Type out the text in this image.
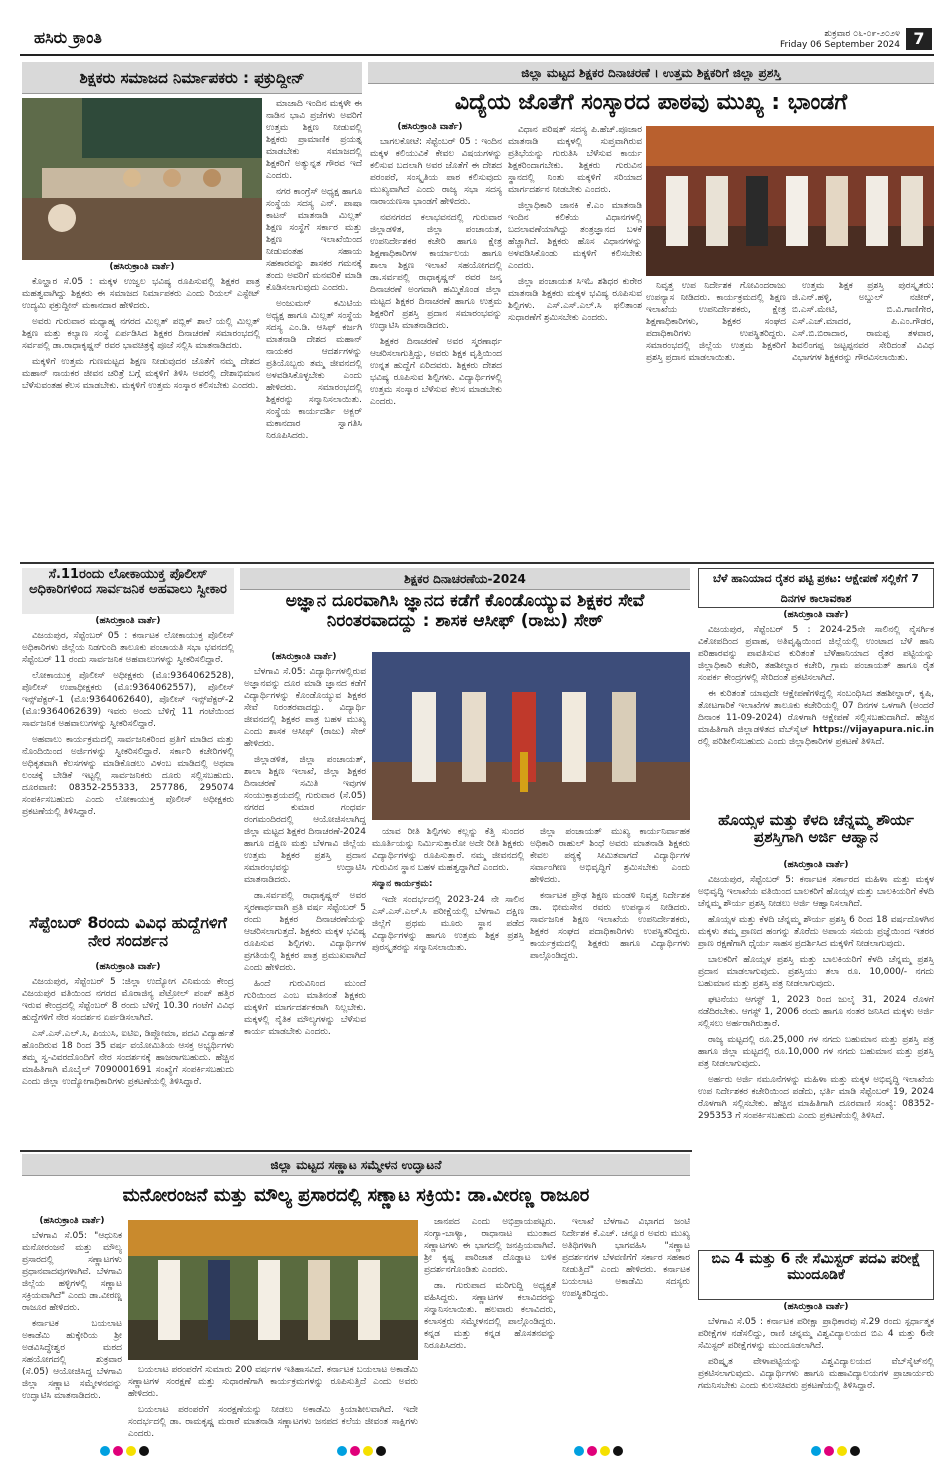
ಹಸಿರು ಕ್ರಾಂತಿ	ಶುಕ್ರವಾರ ೦೬-೦೯-೨೦೨೪
Friday 06 September 2024 7
ಶಿಕ್ಷಕರು ಸಮಾಜದ ನಿರ್ಮಾಪಕರು : ಫಕ್ರುದ್ದೀನ್
(ಹಸಿರುಕ್ರಾಂತಿ ವಾರ್ತೆ)

ಕೊಲ್ಹಾರ ಸೆ.05 : ಮಕ್ಕಳ ಉಜ್ವಲ ಭವಿಷ್ಯ ರೂಪಿಸುವಲ್ಲಿ ಶಿಕ್ಷಕರ ಪಾತ್ರ ಮಹತ್ವವಾಗಿದ್ದು ಶಿಕ್ಷಕರು ಈ ಸಮಾಜದ ನಿರ್ಮಾಪಕರು ಎಂದು ರಿಯಲ್ ಎಸ್ಟೇಟ್ ಉದ್ಯಮಿ ಫಕ್ರುದ್ದೀನ್ ಮಕಾನದಾರ ಹೇಳಿದರು.

ಅವರು ಗುರುವಾರ ಮಧ್ಯಾಹ್ನ ನಗರದ ಮಿಲ್ಲತ್ ಪಬ್ಲಿಕ್ ಶಾಲೆ ಯಲ್ಲಿ ಮಿಲ್ಲತ್ ಶಿಕ್ಷಣ ಮತ್ತು ಕಲ್ಯಾಣ ಸಂಸ್ಥೆ ಏರ್ಪಡಿಸಿದ ಶಿಕ್ಷಕರ ದಿನಾಚರಣೆ ಸಮಾರಂಭದಲ್ಲಿ ಸರ್ವಪಲ್ಲಿ ಡಾ.ರಾಧಾಕೃಷ್ಣನ್ ರವರ ಭಾವಚಿತ್ರಕ್ಕೆ ಪೂಜೆ ಸಲ್ಲಿಸಿ ಮಾತನಾಡಿದರು.

ಮಕ್ಕಳಿಗೆ ಉತ್ತಮ ಗುಣಮಟ್ಟದ ಶಿಕ್ಷಣ ನೀಡುವುದರ ಜೊತೆಗೆ ನಮ್ಮ ದೇಶದ ಮಹಾನ್ ನಾಯಕರ ಜೀವನ ಚರಿತ್ರೆ ಬಗ್ಗೆ ಮಕ್ಕಳಿಗೆ ತಿಳಿಸಿ ಅವರಲ್ಲಿ ದೇಶಾಭಿಮಾನ ಬೆಳೆಸುವಂತಹ ಕೆಲಸ ಮಾಡಬೇಕು. ಮಕ್ಕಳಿಗೆ ಉತ್ತಮ ಸಂಸ್ಕಾರ ಕಲಿಸಬೇಕು ಎಂದರು.

ಮಾಜಾದಿ ಇಂದಿನ ಮಕ್ಕಳೇ ಈ ನಾಡಿನ ಭಾವಿ ಪ್ರಜೆಗಳು ಅವರಿಗೆ ಉತ್ತಮ ಶಿಕ್ಷಣ ನೀಡುವಲ್ಲಿ ಶಿಕ್ಷಕರು ಪ್ರಾಮಾಣಿಕ ಪ್ರಯತ್ನ ಮಾಡಬೇಕು ಸಮಾಜದಲ್ಲಿ ಶಿಕ್ಷಕರಿಗೆ ಅತ್ಯುನ್ನತ ಗೌರವ ಇದೆ ಎಂದರು.

ನಗರ ಕಾಂಗ್ರೆಸ್ ಅಧ್ಯಕ್ಷ ಹಾಗೂ ಸಂಸ್ಥೆಯ ಸದಸ್ಯ ಎನ್. ಪಾಷಾ ಕಾಟನ್ ಮಾತನಾಡಿ ಮಿಲ್ಲತ್ ಶಿಕ್ಷಣ ಸಂಸ್ಥೆಗೆ ಸರ್ಕಾರ ಮತ್ತು ಶಿಕ್ಷಣ ಇಲಾಖೆಯಿಂದ ನೀಡುವಂತಹ ಸಹಾಯ ಸಹಕಾರವನ್ನು ಶಾಸಕರ ಗಮನಕ್ಕೆ ತಂದು ಅವರಿಗೆ ಮನವರಿಕೆ ಮಾಡಿ ಕೊಡಿಸಲಾಗುವುದು ಎಂದರು.

ಅಂಜುಮನ್ ಕಮಿಟಿಯ ಅಧ್ಯಕ್ಷ ಹಾಗೂ ಮಿಲ್ಲತ್ ಸಂಸ್ಥೆಯ ಸದಸ್ಯ ಎಂ.ಡಿ. ಆಸಿಫ್ ಕರ್ಜಗಿ ಮಾತನಾಡಿ ದೇಶದ ಮಹಾನ್ ನಾಯಕರ ಆದರ್ಶಗಳನ್ನು ಪ್ರತಿಯೊಬ್ಬರು ತಮ್ಮ ಜೀವನದಲ್ಲಿ ಅಳವಡಿಸಿಕೊಳ್ಳಬೇಕು ಎಂದು ಹೇಳಿದರು. ಸಮಾರಂಭದಲ್ಲಿ ಶಿಕ್ಷಕರನ್ನು ಸನ್ಮಾನಿಸಲಾಯಿತು. ಸಂಸ್ಥೆಯ ಕಾರ್ಯದರ್ಶಿ ಅಕ್ಬರ್ ಮಕಾನದಾರ ಸ್ವಾಗತಿಸಿ ನಿರೂಪಿಸಿದರು.

ಜಿಲ್ಲಾ ಮಟ್ಟದ ಶಿಕ್ಷಕರ ದಿನಾಚರಣೆ । ಉತ್ತಮ ಶಿಕ್ಷಕರಿಗೆ ಜಿಲ್ಲಾ ಪ್ರಶಸ್ತಿ
ವಿದ್ಯೆಯ ಜೊತೆಗೆ ಸಂಸ್ಕಾರದ ಪಾಠವು ಮುಖ್ಯ : ಭಾಂಡಗೆ
(ಹಸಿರುಕ್ರಾಂತಿ ವಾರ್ತೆ)

ಬಾಗಲಕೋಟೆ: ಸೆಪ್ಟೆಂಬರ್ 05 : ಇಂದಿನ ಮಕ್ಕಳ ಕಲಿಯುವಿಕೆ ಕೇವಲ ವಿಷಯಗಳನ್ನು ಕಲಿಸುವ ಬದಲಾಗಿ ಅವರ ಜೊತೆಗೆ ಈ ದೇಶದ ಪರಂಪರೆ, ಸಂಸ್ಕೃತಿಯ ಪಾಠ ಕಲಿಸುವುದು ಮುಖ್ಯವಾಗಿದೆ ಎಂದು ರಾಜ್ಯ ಸಭಾ ಸದಸ್ಯ ನಾರಾಯಣಸಾ ಭಾಂಡಗೆ ಹೇಳಿದರು.

ನವನಗರದ ಕಲಾಭವನದಲ್ಲಿ ಗುರುವಾರ ಜಿಲ್ಲಾಡಳಿತ, ಜಿಲ್ಲಾ ಪಂಚಾಯತ, ಉಪನಿರ್ದೇಶಕರ ಕಚೇರಿ ಹಾಗೂ ಕ್ಷೇತ್ರ ಶಿಕ್ಷಣಾಧಿಕಾರಿಗಳ ಕಾರ್ಯಾಲಯ ಹಾಗೂ ಶಾಲಾ ಶಿಕ್ಷಣ ಇಲಾಖೆ ಸಹಯೋಗದಲ್ಲಿ ಡಾ.ಸರ್ವಪಲ್ಲಿ ರಾಧಾಕೃಷ್ಣನ್ ರವರ ಜನ್ಮ ದಿನಾಚರಣೆ ಅಂಗವಾಗಿ ಹಮ್ಮಿಕೊಂಡ ಜಿಲ್ಲಾ ಮಟ್ಟದ ಶಿಕ್ಷಕರ ದಿನಾಚರಣೆ ಹಾಗೂ ಉತ್ತಮ ಶಿಕ್ಷಕರಿಗೆ ಪ್ರಶಸ್ತಿ ಪ್ರದಾನ ಸಮಾರಂಭವನ್ನು ಉದ್ಘಾಟಿಸಿ ಮಾತನಾಡಿದರು.

ಶಿಕ್ಷಕರ ದಿನಾಚರಣೆ ಅವರ ಸ್ಮರಣಾರ್ಥ ಆಚರಿಸಲಾಗುತ್ತಿದ್ದು, ಅವರು ಶಿಕ್ಷಕ ವೃತ್ತಿಯಿಂದ ಉನ್ನತ ಹುದ್ದೆಗೆ ಏರಿದವರು. ಶಿಕ್ಷಕರು ದೇಶದ ಭವಿಷ್ಯ ರೂಪಿಸುವ ಶಿಲ್ಪಿಗಳು. ವಿದ್ಯಾರ್ಥಿಗಳಲ್ಲಿ ಉತ್ತಮ ಸಂಸ್ಕಾರ ಬೆಳೆಸುವ ಕೆಲಸ ಮಾಡಬೇಕು ಎಂದರು.

ವಿಧಾನ ಪರಿಷತ್ ಸದಸ್ಯ ಪಿ.ಹೆಚ್.ಪೂಜಾರ ಮಾತನಾಡಿ ಮಕ್ಕಳಲ್ಲಿ ಸುಪ್ತವಾಗಿರುವ ಪ್ರತಿಭೆಯನ್ನು ಗುರುತಿಸಿ ಬೆಳೆಸುವ ಕಾರ್ಯ ಶಿಕ್ಷಕರಿಂದಾಗಬೇಕು. ಶಿಕ್ಷಕರು ಗುರುವಿನ ಸ್ಥಾನದಲ್ಲಿ ನಿಂತು ಮಕ್ಕಳಿಗೆ ಸರಿಯಾದ ಮಾರ್ಗದರ್ಶನ ನೀಡಬೇಕು ಎಂದರು.

ಜಿಲ್ಲಾಧಿಕಾರಿ ಜಾನಕಿ ಕೆ.ಎಂ ಮಾತನಾಡಿ ಇಂದಿನ ಕಲಿಕೆಯ ವಿಧಾನಗಳಲ್ಲಿ ಬದಲಾವಣೆಯಾಗಿದ್ದು ತಂತ್ರಜ್ಞಾನದ ಬಳಕೆ ಹೆಚ್ಚಾಗಿದೆ. ಶಿಕ್ಷಕರು ಹೊಸ ವಿಧಾನಗಳನ್ನು ಅಳವಡಿಸಿಕೊಂಡು ಮಕ್ಕಳಿಗೆ ಕಲಿಸಬೇಕು ಎಂದರು.

ಜಿಲ್ಲಾ ಪಂಚಾಯತ ಸಿಇಓ ಶಶಿಧರ ಕುರೇರ ಮಾತನಾಡಿ ಶಿಕ್ಷಕರು ಮಕ್ಕಳ ಭವಿಷ್ಯ ರೂಪಿಸುವ ಶಿಲ್ಪಿಗಳು. ಎಸ್.ಎಸ್.ಎಲ್.ಸಿ ಫಲಿತಾಂಶ ಸುಧಾರಣೆಗೆ ಶ್ರಮಿಸಬೇಕು ಎಂದರು.

ನಿವೃತ್ತ ಉಪ ನಿರ್ದೇಶಕ ಗೋವಿಂದರಾಜು ಉಪನ್ಯಾಸ ನೀಡಿದರು. ಕಾರ್ಯಕ್ರಮದಲ್ಲಿ ಶಿಕ್ಷಣ ಇಲಾಖೆಯ ಉಪನಿರ್ದೇಶಕರು, ಕ್ಷೇತ್ರ ಶಿಕ್ಷಣಾಧಿಕಾರಿಗಳು, ಶಿಕ್ಷಕರ ಸಂಘದ ಪದಾಧಿಕಾರಿಗಳು ಉಪಸ್ಥಿತರಿದ್ದರು. ಸಮಾರಂಭದಲ್ಲಿ ಜಿಲ್ಲೆಯ ಉತ್ತಮ ಶಿಕ್ಷಕರಿಗೆ ಪ್ರಶಸ್ತಿ ಪ್ರದಾನ ಮಾಡಲಾಯಿತು.

ಉತ್ತಮ ಶಿಕ್ಷಕ ಪ್ರಶಸ್ತಿ ಪುರಸ್ಕೃತರು: ಜಿ.ಎನ್.ಹಳ್ಳಿ, ಅಬ್ದುಲ್ ನಜೀರ್, ಬಿ.ಎಸ್.ಮೇಟಿ, ಬಿ.ವಿ.ಗಾಣಿಗೇರ, ಎಸ್.ಎಚ್.ಮಾದರ, ಪಿ.ಎಂ.ಗೌಡರ, ಎಸ್.ಬಿ.ಬಿರಾದಾರ, ರಾಮಪ್ಪ ತಳವಾರ, ಶಿವಲಿಂಗಪ್ಪ ಜಟ್ಟಪ್ಪನವರ ಸೇರಿದಂತೆ ವಿವಿಧ ವಿಭಾಗಗಳ ಶಿಕ್ಷಕರನ್ನು ಗೌರವಿಸಲಾಯಿತು.

ಸೆ.11ರಂದು ಲೋಕಾಯುಕ್ತ ಪೊಲೀಸ್ ಅಧಿಕಾರಿಗಳಿಂದ ಸಾರ್ವಜನಿಕ ಅಹವಾಲು ಸ್ವೀಕಾರ
(ಹಸಿರುಕ್ರಾಂತಿ ವಾರ್ತೆ)

ವಿಜಯಪುರ, ಸೆಪ್ಟೆಂಬರ್ 05 : ಕರ್ನಾಟಕ ಲೋಕಾಯುಕ್ತ ಪೊಲೀಸ್ ಅಧಿಕಾರಿಗಳು ಜಿಲ್ಲೆಯ ನಿಡಗುಂದಿ ತಾಲೂಕು ಪಂಚಾಯತಿ ಸಭಾ ಭವನದಲ್ಲಿ ಸೆಪ್ಟೆಂಬರ್ 11 ರಂದು ಸಾರ್ವಜನಿಕ ಅಹವಾಲುಗಳನ್ನು ಸ್ವೀಕರಿಸಲಿದ್ದಾರೆ.

ಲೋಕಾಯುಕ್ತ ಪೊಲೀಸ್ ಅಧೀಕ್ಷಕರು (ಮೊ:9364062528), ಪೊಲೀಸ್ ಉಪಾಧೀಕ್ಷಕರು (ಮೊ:9364062557), ಪೊಲೀಸ್ ಇನ್ಸ್‌ಪೆಕ್ಟರ್-1 (ಮೊ:9364062640), ಪೊಲೀಸ್ ಇನ್ಸ್‌ಪೆಕ್ಟರ್-2 (ಮೊ:9364062639) ಇವರು ಅಂದು ಬೆಳಿಗ್ಗೆ 11 ಗಂಟೆಯಿಂದ ಸಾರ್ವಜನಿಕ ಅಹವಾಲುಗಳನ್ನು ಸ್ವೀಕರಿಸಲಿದ್ದಾರೆ.

ಅಹವಾಲು ಕಾರ್ಯಕ್ರಮದಲ್ಲಿ ಸಾರ್ವಜನಿಕರಿಂದ ಪ್ರತಿಗೆ ಮಾಡಿದ ಮತ್ತು ನೊಂದಿಯಿಂದ ಅರ್ಜಿಗಳನ್ನು ಸ್ವೀಕರಿಸಲಿದ್ದಾರೆ. ಸರ್ಕಾರಿ ಕಚೇರಿಗಳಲ್ಲಿ ಅಧಿಕೃತವಾಗಿ ಕೆಲಸಗಳನ್ನು ಮಾಡಿಕೊಡಲು ವಿಳಂಬ ಮಾಡಿದಲ್ಲಿ ಅಥವಾ ಲಂಚಕ್ಕೆ ಬೇಡಿಕೆ ಇಟ್ಟಲ್ಲಿ ಸಾರ್ವಜನಿಕರು ದೂರು ಸಲ್ಲಿಸಬಹುದು. ದೂರವಾಣಿ: 08352-255333, 257786, 295074 ಸಂಪರ್ಕಿಸಬಹುದು ಎಂದು ಲೋಕಾಯುಕ್ತ ಪೊಲೀಸ್ ಅಧೀಕ್ಷಕರು ಪ್ರಕಟಣೆಯಲ್ಲಿ ತಿಳಿಸಿದ್ದಾರೆ.

ಸೆಪ್ಟೆಂಬರ್ 8ರಂದು ವಿವಿಧ ಹುದ್ದೆಗಳಿಗೆ ನೇರ ಸಂದರ್ಶನ
(ಹಸಿರುಕ್ರಾಂತಿ ವಾರ್ತೆ)

ವಿಜಯಪುರ, ಸೆಪ್ಟೆಂಬರ್ 5 :ಜಿಲ್ಲಾ ಉದ್ಯೋಗ ವಿನಿಮಯ ಕೇಂದ್ರ ವಿಜಯಪುರ ವತಿಯಿಂದ ನಗರದ ಮೊರಾಜಿನ್ಯ ಪೆಟ್ರೋಲ್ ಪಂಪ್ ಹತ್ತಿರ ಇರುವ ಕೇಂದ್ರದಲ್ಲಿ ಸೆಪ್ಟೆಂಬರ್ 8 ರಂದು ಬೆಳಿಗ್ಗೆ 10.30 ಗಂಟೆಗೆ ವಿವಿಧ ಹುದ್ದೆಗಳಿಗೆ ನೇರ ಸಂದರ್ಶನ ಏರ್ಪಡಿಸಲಾಗಿದೆ.

ಎಸ್.ಎಸ್.ಎಲ್.ಸಿ, ಪಿಯುಸಿ, ಐಟಿಐ, ಡಿಪ್ಲೋಮಾ, ಪದವಿ ವಿದ್ಯಾರ್ಹತೆ ಹೊಂದಿರುವ 18 ರಿಂದ 35 ವರ್ಷ ವಯೋಮಿತಿಯ ಆಸಕ್ತ ಅಭ್ಯರ್ಥಿಗಳು ತಮ್ಮ ಸ್ವ-ವಿವರದೊಂದಿಗೆ ನೇರ ಸಂದರ್ಶನಕ್ಕೆ ಹಾಜರಾಗಬಹುದು. ಹೆಚ್ಚಿನ ಮಾಹಿತಿಗಾಗಿ ಮೊಬೈಲ್ 7090001691 ಸಂಖ್ಯೆಗೆ ಸಂಪರ್ಕಿಸಬಹುದು ಎಂದು ಜಿಲ್ಲಾ ಉದ್ಯೋಗಾಧಿಕಾರಿಗಳು ಪ್ರಕಟಣೆಯಲ್ಲಿ ತಿಳಿಸಿದ್ದಾರೆ.

ಶಿಕ್ಷಕರ ದಿನಾಚರಣೆಯ-2024
ಅಜ್ಞಾನ ದೂರವಾಗಿಸಿ ಜ್ಞಾನದ ಕಡೆಗೆ ಕೊಂಡೊಯ್ಯುವ ಶಿಕ್ಷಕರ ಸೇವೆ ನಿರಂತರವಾದದ್ದು : ಶಾಸಕ ಆಸೀಫ್ (ರಾಜು) ಸೇಠ್
(ಹಸಿರುಕ್ರಾಂತಿ ವಾರ್ತೆ)

ಬೆಳಗಾವಿ ಸೆ.05: ವಿದ್ಯಾರ್ಥಿಗಳಲ್ಲಿರುವ ಅಜ್ಞಾನವನ್ನು ದೂರ ಮಾಡಿ ಜ್ಞಾನದ ಕಡೆಗೆ ವಿದ್ಯಾರ್ಥಿಗಳನ್ನು ಕೊಂಡೊಯ್ಯುವ ಶಿಕ್ಷಕರ ಸೇವೆ ನಿರಂತರವಾದದ್ದು. ವಿದ್ಯಾರ್ಥಿ ಜೀವನದಲ್ಲಿ ಶಿಕ್ಷಕರ ಪಾತ್ರ ಬಹಳ ಮುಖ್ಯ ಎಂದು ಶಾಸಕ ಆಸೀಫ್ (ರಾಜು) ಸೇಠ್ ಹೇಳಿದರು.

ಜಿಲ್ಲಾಡಳಿತ, ಜಿಲ್ಲಾ ಪಂಚಾಯತ್, ಶಾಲಾ ಶಿಕ್ಷಣ ಇಲಾಖೆ, ಜಿಲ್ಲಾ ಶಿಕ್ಷಕರ ದಿನಾಚರಣೆ ಸಮಿತಿ ಇವುಗಳ ಸಂಯುಕ್ತಾಶ್ರಯದಲ್ಲಿ ಗುರುವಾರ (ಸೆ.05) ನಗರದ ಕುಮಾರ ಗಂಧರ್ವ ರಂಗಮಂದಿರದಲ್ಲಿ ಆಯೋಜಿಸಲಾಗಿದ್ದ ಜಿಲ್ಲಾ ಮಟ್ಟದ ಶಿಕ್ಷಕರ ದಿನಾಚರಣೆ-2024 ಹಾಗೂ ದಕ್ಷಿಣ ಮತ್ತು ಬೆಳಗಾವಿ ಜಿಲ್ಲೆಯ ಉತ್ತಮ ಶಿಕ್ಷಕರ ಪ್ರಶಸ್ತಿ ಪ್ರದಾನ ಸಮಾರಂಭವನ್ನು ಉದ್ಘಾಟಿಸಿ ಮಾತನಾಡಿದರು.

ಡಾ.ಸರ್ವಪಲ್ಲಿ ರಾಧಾಕೃಷ್ಣನ್ ಅವರ ಸ್ಮರಣಾರ್ಥವಾಗಿ ಪ್ರತಿ ವರ್ಷ ಸೆಪ್ಟೆಂಬರ್ 5 ರಂದು ಶಿಕ್ಷಕರ ದಿನಾಚರಣೆಯನ್ನು ಆಚರಿಸಲಾಗುತ್ತದೆ. ಶಿಕ್ಷಕರು ಮಕ್ಕಳ ಭವಿಷ್ಯ ರೂಪಿಸುವ ಶಿಲ್ಪಿಗಳು. ವಿದ್ಯಾರ್ಥಿಗಳ ಪ್ರಗತಿಯಲ್ಲಿ ಶಿಕ್ಷಕರ ಪಾತ್ರ ಪ್ರಮುಖವಾಗಿದೆ ಎಂದು ಹೇಳಿದರು.

ಹಿಂದೆ ಗುರುವಿನಿಂದ ಮುಂದೆ ಗುರಿಯಿಂದ ಎಂಬ ಮಾತಿನಂತೆ ಶಿಕ್ಷಕರು ಮಕ್ಕಳಿಗೆ ಮಾರ್ಗದರ್ಶಕರಾಗಿ ನಿಲ್ಲಬೇಕು. ಮಕ್ಕಳಲ್ಲಿ ನೈತಿಕ ಮೌಲ್ಯಗಳನ್ನು ಬೆಳೆಸುವ ಕಾರ್ಯ ಮಾಡಬೇಕು ಎಂದರು.

ಯಾವ ರೀತಿ ಶಿಲ್ಪಿಗಳು ಕಲ್ಲನ್ನು ಕೆತ್ತಿ ಸುಂದರ ಮೂರ್ತಿಯನ್ನು ನಿರ್ಮಿಸುತ್ತಾರೋ ಅದೇ ರೀತಿ ಶಿಕ್ಷಕರು ವಿದ್ಯಾರ್ಥಿಗಳನ್ನು ರೂಪಿಸುತ್ತಾರೆ. ನಮ್ಮ ಜೀವನದಲ್ಲಿ ಗುರುವಿನ ಸ್ಥಾನ ಬಹಳ ಮಹತ್ವದ್ದಾಗಿದೆ ಎಂದರು.

ಸನ್ಮಾನ ಕಾರ್ಯಕ್ರಮ:

ಇದೇ ಸಂದರ್ಭದಲ್ಲಿ 2023-24 ನೇ ಸಾಲಿನ ಎಸ್.ಎಸ್.ಎಲ್.ಸಿ ಪರೀಕ್ಷೆಯಲ್ಲಿ ಬೆಳಗಾವಿ ದಕ್ಷಿಣ ಜಿಲ್ಲೆಗೆ ಪ್ರಥಮ ಮೂರು ಸ್ಥಾನ ಪಡೆದ ವಿದ್ಯಾರ್ಥಿಗಳನ್ನು ಹಾಗೂ ಉತ್ತಮ ಶಿಕ್ಷಕ ಪ್ರಶಸ್ತಿ ಪುರಸ್ಕೃತರನ್ನು ಸನ್ಮಾನಿಸಲಾಯಿತು.

ಜಿಲ್ಲಾ ಪಂಚಾಯತ್ ಮುಖ್ಯ ಕಾರ್ಯನಿರ್ವಾಹಕ ಅಧಿಕಾರಿ ರಾಹುಲ್ ಶಿಂಧೆ ಅವರು ಮಾತನಾಡಿ ಶಿಕ್ಷಕರು ಕೇವಲ ಪಠ್ಯಕ್ಕೆ ಸೀಮಿತವಾಗದೆ ವಿದ್ಯಾರ್ಥಿಗಳ ಸರ್ವಾಂಗೀಣ ಅಭಿವೃದ್ಧಿಗೆ ಶ್ರಮಿಸಬೇಕು ಎಂದು ಹೇಳಿದರು.

ಕರ್ನಾಟಕ ಪ್ರೌಢ ಶಿಕ್ಷಣ ಮಂಡಳಿ ನಿವೃತ್ತ ನಿರ್ದೇಶಕ ಡಾ. ಭೀಮಸೇನ ರವರು ಉಪನ್ಯಾಸ ನೀಡಿದರು. ಸಾರ್ವಜನಿಕ ಶಿಕ್ಷಣ ಇಲಾಖೆಯ ಉಪನಿರ್ದೇಶಕರು, ಶಿಕ್ಷಕರ ಸಂಘದ ಪದಾಧಿಕಾರಿಗಳು ಉಪಸ್ಥಿತರಿದ್ದರು. ಕಾರ್ಯಕ್ರಮದಲ್ಲಿ ಶಿಕ್ಷಕರು ಹಾಗೂ ವಿದ್ಯಾರ್ಥಿಗಳು ಪಾಲ್ಗೊಂಡಿದ್ದರು.

ಬೆಳೆ ಹಾನಿಯಾದ ರೈತರ ಪಟ್ಟಿ ಪ್ರಕಟ: ಆಕ್ಷೇಪಣೆ ಸಲ್ಲಿಕೆಗೆ 7 ದಿನಗಳ ಕಾಲಾವಕಾಶ
(ಹಸಿರುಕ್ರಾಂತಿ ವಾರ್ತೆ)

ವಿಜಯಪುರ, ಸೆಪ್ಟೆಂಬರ್ 5 : 2024-25ನೇ ಸಾಲಿನಲ್ಲಿ ನೈಸರ್ಗಿಕ ವಿಕೋಪದಿಂದ ಪ್ರವಾಹ, ಅತಿವೃಷ್ಟಿಯಿಂದ ಜಿಲ್ಲೆಯಲ್ಲಿ ಉಂಟಾದ ಬೆಳೆ ಹಾನಿ ಪರಿಹಾರವನ್ನು ಪಾವತಿಸುವ ಕುರಿತಂತೆ ಬೆಳೆಹಾನಿಯಾದ ರೈತರ ಪಟ್ಟಿಯನ್ನು ಜಿಲ್ಲಾಧಿಕಾರಿ ಕಚೇರಿ, ತಹಶೀಲ್ದಾರ ಕಚೇರಿ, ಗ್ರಾಮ ಪಂಚಾಯತ್ ಹಾಗೂ ರೈತ ಸಂಪರ್ಕ ಕೇಂದ್ರಗಳಲ್ಲಿ ಸೇರಿದಂತೆ ಪ್ರಕಟಿಸಲಾಗಿದೆ.

ಈ ಕುರಿತಂತೆ ಯಾವುದೇ ಆಕ್ಷೇಪಣೆಗಳಿದ್ದಲ್ಲಿ ಸಂಬಂಧಿಸಿದ ತಹಶೀಲ್ದಾರ್, ಕೃಷಿ, ತೋಟಗಾರಿಕೆ ಇಲಾಖೆಗಳ ತಾಲೂಕು ಕಚೇರಿಯಲ್ಲಿ 07 ದಿನಗಳ ಒಳಗಾಗಿ (ಅಂದರೆ ದಿನಾಂಕ 11-09-2024) ರೊಳಗಾಗಿ ಆಕ್ಷೇಪಣೆ ಸಲ್ಲಿಸಬಹುದಾಗಿದೆ. ಹೆಚ್ಚಿನ ಮಾಹಿತಿಗಾಗಿ ಜಿಲ್ಲಾಡಳಿತದ ವೆಬ್‍ಸೈಟ್ https://vijayapura.nic.in ರಲ್ಲಿ ಪರಿಶೀಲಿಸಬಹುದು ಎಂದು ಜಿಲ್ಲಾಧಿಕಾರಿಗಳ ಪ್ರಕಟಣೆ ತಿಳಿಸಿದೆ.

ಹೊಯ್ಸಳ ಮತ್ತು ಕೆಳದಿ ಚೆನ್ನಮ್ಮ ಶೌರ್ಯ ಪ್ರಶಸ್ತಿಗಾಗಿ ಅರ್ಜಿ ಆಹ್ವಾನ
(ಹಸಿರುಕ್ರಾಂತಿ ವಾರ್ತೆ)

ವಿಜಯಪುರ, ಸೆಪ್ಟೆಂಬರ್ 5: ಕರ್ನಾಟಕ ಸರ್ಕಾರದ ಮಹಿಳಾ ಮತ್ತು ಮಕ್ಕಳ ಅಭಿವೃದ್ಧಿ ಇಲಾಖೆಯ ವತಿಯಿಂದ ಬಾಲಕರಿಗೆ ಹೊಯ್ಸಳ ಮತ್ತು ಬಾಲಕಿಯರಿಗೆ ಕೆಳದಿ ಚೆನ್ನಮ್ಮ ಶೌರ್ಯ ಪ್ರಶಸ್ತಿ ನೀಡಲು ಅರ್ಜಿ ಆಹ್ವಾನಿಸಲಾಗಿದೆ.

ಹೊಯ್ಸಳ ಮತ್ತು ಕೆಳದಿ ಚೆನ್ನಮ್ಮ ಶೌರ್ಯ ಪ್ರಶಸ್ತಿ 6 ರಿಂದ 18 ವರ್ಷದೊಳಗಿನ ಮಕ್ಕಳು ತಮ್ಮ ಪ್ರಾಣದ ಹಂಗನ್ನು ತೊರೆದು ಅಪಾಯ ಸಮಯ ಪ್ರಜ್ಞೆಯಿಂದ ಇತರರ ಪ್ರಾಣ ರಕ್ಷಣೆಗಾಗಿ ಧೈರ್ಯ ಸಾಹಸ ಪ್ರದರ್ಶಿಸಿದ ಮಕ್ಕಳಿಗೆ ನೀಡಲಾಗುವುದು.

ಬಾಲಕರಿಗೆ ಹೊಯ್ಸಳ ಪ್ರಶಸ್ತಿ ಮತ್ತು ಬಾಲಕಿಯರಿಗೆ ಕೆಳದಿ ಚೆನ್ನಮ್ಮ ಪ್ರಶಸ್ತಿ ಪ್ರದಾನ ಮಾಡಲಾಗುವುದು. ಪ್ರಶಸ್ತಿಯು ತಲಾ ರೂ. 10,000/- ನಗದು ಬಹುಮಾನ ಮತ್ತು ಪ್ರಶಸ್ತಿ ಪತ್ರ ನೀಡಲಾಗುವುದು.

ಘಟನೆಯು ಆಗಸ್ಟ್ 1, 2023 ರಿಂದ ಜುಲೈ 31, 2024 ರೊಳಗೆ ನಡೆದಿರಬೇಕು. ಆಗಸ್ಟ್ 1, 2006 ರಂದು ಹಾಗೂ ನಂತರ ಜನಿಸಿದ ಮಕ್ಕಳು ಅರ್ಜಿ ಸಲ್ಲಿಸಲು ಅರ್ಹರಾಗಿರುತ್ತಾರೆ.

ರಾಜ್ಯ ಮಟ್ಟದಲ್ಲಿ ರೂ.25,000 ಗಳ ನಗದು ಬಹುಮಾನ ಮತ್ತು ಪ್ರಶಸ್ತಿ ಪತ್ರ ಹಾಗೂ ಜಿಲ್ಲಾ ಮಟ್ಟದಲ್ಲಿ ರೂ.10,000 ಗಳ ನಗದು ಬಹುಮಾನ ಮತ್ತು ಪ್ರಶಸ್ತಿ ಪತ್ರ ನೀಡಲಾಗುವುದು.

ಅರ್ಹರು ಅರ್ಜಿ ನಮೂನೆಗಳನ್ನು ಮಹಿಳಾ ಮತ್ತು ಮಕ್ಕಳ ಅಭಿವೃದ್ಧಿ ಇಲಾಖೆಯ ಉಪ ನಿರ್ದೇಶಕರ ಕಚೇರಿಯಿಂದ ಪಡೆದು, ಭರ್ತಿ ಮಾಡಿ ಸೆಪ್ಟೆಂಬರ್ 19, 2024 ರೊಳಗಾಗಿ ಸಲ್ಲಿಸಬೇಕು. ಹೆಚ್ಚಿನ ಮಾಹಿತಿಗಾಗಿ ದೂರವಾಣಿ ಸಂಖ್ಯೆ: 08352-295353 ಗೆ ಸಂಪರ್ಕಿಸಬಹುದು ಎಂದು ಪ್ರಕಟಣೆಯಲ್ಲಿ ತಿಳಿಸಿದೆ.

ಜಿಲ್ಲಾ ಮಟ್ಟದ ಸಣ್ಣಾಟ ಸಮ್ಮೇಳನ ಉದ್ಘಾಟನೆ
ಮನೋರಂಜನೆ ಮತ್ತು ಮೌಲ್ಯ ಪ್ರಸಾರದಲ್ಲಿ ಸಣ್ಣಾಟ ಸಕ್ರಿಯ: ಡಾ.ವೀರಣ್ಣ ರಾಜೂರ
(ಹಸಿರುಕ್ರಾಂತಿ ವಾರ್ತೆ)

ಬೆಳಗಾವಿ ಸೆ.05: "ಆಧುನಿಕ ಮನೋರಂಜನೆ ಮತ್ತು ಮೌಲ್ಯ ಪ್ರಸಾರದಲ್ಲಿ ಸಣ್ಣಾಟಗಳು ಪ್ರಧಾನವಾದವುಗಳಾಗಿವೆ. ಬೆಳಗಾವಿ ಜಿಲ್ಲೆಯ ಹಳ್ಳಿಗಳಲ್ಲಿ ಸಣ್ಣಾಟ ಸಕ್ರಿಯವಾಗಿದೆ" ಎಂದು ಡಾ.ವೀರಣ್ಣ ರಾಜೂರ ಹೇಳಿದರು.

ಕರ್ನಾಟಕ ಬಯಲಾಟ ಅಕಾಡೆಮಿ ಹುಕ್ಕೇರಿಯ ಶ್ರೀ ಅಡವಿಸಿದ್ಧೇಶ್ವರ ಮಠದ ಸಹಯೋಗದಲ್ಲಿ ಶುಕ್ರವಾರ (ಸೆ.05) ಆಯೋಜಿಸಿದ್ದ ಬೆಳಗಾವಿ ಜಿಲ್ಲಾ ಸಣ್ಣಾಟ ಸಮ್ಮೇಳನವನ್ನು ಉದ್ಘಾಟಿಸಿ ಮಾತನಾಡಿದರು.

ಬಯಲಾಟ ಪರಂಪರೆಗೆ ಸುಮಾರು 200 ವರ್ಷಗಳ ಇತಿಹಾಸವಿದೆ. ಕರ್ನಾಟಕ ಬಯಲಾಟ ಅಕಾಡೆಮಿ ಸಣ್ಣಾಟಗಳ ಸಂರಕ್ಷಣೆ ಮತ್ತು ಸುಧಾರಣೆಗಾಗಿ ಕಾರ್ಯಕ್ರಮಗಳನ್ನು ರೂಪಿಸುತ್ತಿದೆ ಎಂದು ಅವರು ಹೇಳಿದರು.

ಬಯಲಾಟ ಪರಂಪರೆಗೆ ಸಂರಕ್ಷಣೆಯನ್ನು ನೀಡಲು ಅಕಾಡೆಮಿ ಕ್ರಿಯಾಶೀಲವಾಗಿದೆ. ಇದೇ ಸಂದರ್ಭದಲ್ಲಿ ಡಾ. ರಾಮಕೃಷ್ಣ ಮರಾಠೆ ಮಾತನಾಡಿ ಸಣ್ಣಾಟಗಳು ಜನಪದ ಕಲೆಯ ಜೀವಂತ ಸಾಕ್ಷಿಗಳು ಎಂದರು.

ಜಾನಪದ ಎಂದು ಅಭಿಪ್ರಾಯಪಟ್ಟರು. ಸಂಗ್ಯಾ-ಬಾಳ್ಯಾ, ರಾಧಾನಾಟ ಮುಂತಾದ ಸಣ್ಣಾಟಗಳು ಈ ಭಾಗದಲ್ಲಿ ಜನಪ್ರಿಯವಾಗಿವೆ. ಶ್ರೀ ಕೃಷ್ಣ ಪಾರಿಜಾತ ದೊಡ್ಡಾಟ ಬಳಿಕ ಪ್ರದರ್ಶನಗೊಂಡಿತು ಎಂದರು.

ಡಾ. ಗುರುಪಾದ ಮರಿಗುದ್ದಿ ಅಧ್ಯಕ್ಷತೆ ವಹಿಸಿದ್ದರು. ಸಣ್ಣಾಟಗಳ ಕಲಾವಿದರನ್ನು ಸನ್ಮಾನಿಸಲಾಯಿತು. ಹಲವಾರು ಕಲಾವಿದರು, ಕಲಾಸಕ್ತರು ಸಮ್ಮೇಳನದಲ್ಲಿ ಪಾಲ್ಗೊಂಡಿದ್ದರು. ಕನ್ನಡ ಮತ್ತು ಕನ್ನಡ ಹೊಸತನವನ್ನು ನಿರೂಪಿಸಿದರು.

ಇಲಾಖೆ ಬೆಳಗಾವಿ ವಿಭಾಗದ ಜಂಟಿ ನಿರ್ದೇಶಕ ಕೆ.ಎಚ್. ಚನ್ನೂರ ಅವರು ಮುಖ್ಯ ಅತಿಥಿಗಳಾಗಿ ಭಾಗವಹಿಸಿ "ಸಣ್ಣಾಟ ಪ್ರದರ್ಶನಗಳ ಬೆಳವಣಿಗೆಗೆ ಸರ್ಕಾರ ಸಹಕಾರ ನೀಡುತ್ತಿದೆ" ಎಂದು ಹೇಳಿದರು. ಕರ್ನಾಟಕ ಬಯಲಾಟ ಅಕಾಡೆಮಿ ಸದಸ್ಯರು ಉಪಸ್ಥಿತರಿದ್ದರು.

ಬಿಎ 4 ಮತ್ತು 6 ನೇ ಸೆಮಿಸ್ಟರ್ ಪದವಿ ಪರೀಕ್ಷೆ ಮುಂದೂಡಿಕೆ
(ಹಸಿರುಕ್ರಾಂತಿ ವಾರ್ತೆ)

ಬೆಳಗಾವಿ ಸೆ.05 : ಕರ್ನಾಟಕ ಪರೀಕ್ಷಾ ಪ್ರಾಧಿಕಾರವು ಸೆ.29 ರಂದು ಸ್ಪರ್ಧಾತ್ಮಕ ಪರೀಕ್ಷೆಗಳ ನಡೆಸಲಿದ್ದು, ರಾಣಿ ಚನ್ನಮ್ಮ ವಿಶ್ವವಿದ್ಯಾಲಯದ ಬಿಎ 4 ಮತ್ತು 6ನೇ ಸೆಮಿಸ್ಟರ್ ಪರೀಕ್ಷೆಗಳನ್ನು ಮುಂದೂಡಲಾಗಿದೆ.

ಪರಿಷ್ಕೃತ ವೇಳಾಪಟ್ಟಿಯನ್ನು ವಿಶ್ವವಿದ್ಯಾಲಯದ ವೆಬ್‌ಸೈಟ್‌ನಲ್ಲಿ ಪ್ರಕಟಿಸಲಾಗುವುದು. ವಿದ್ಯಾರ್ಥಿಗಳು ಹಾಗೂ ಮಹಾವಿದ್ಯಾಲಯಗಳ ಪ್ರಾಚಾರ್ಯರು ಗಮನಿಸಬೇಕು ಎಂದು ಕುಲಸಚಿವರು ಪ್ರಕಟಣೆಯಲ್ಲಿ ತಿಳಿಸಿದ್ದಾರೆ.
